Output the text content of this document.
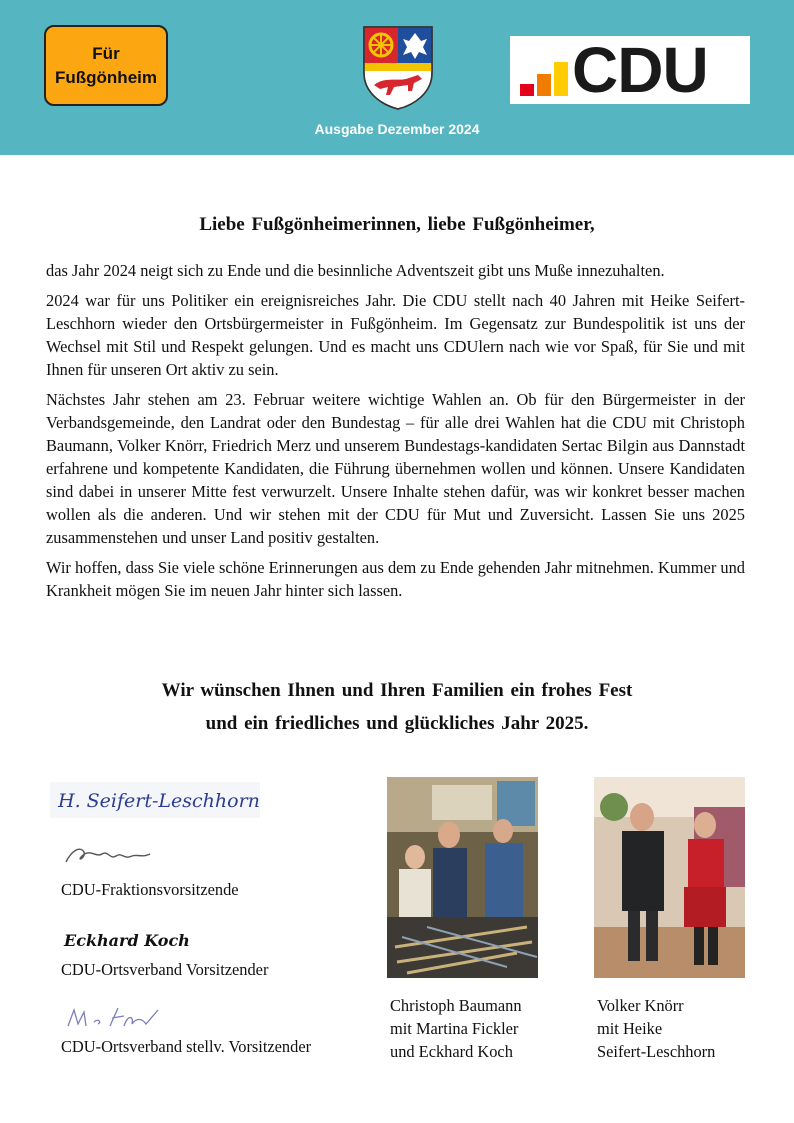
Für
Fußgönheim
Ausgabe Dezember 2024
CDU
Liebe Fußgönheimerinnen, liebe Fußgönheimer,

das Jahr 2024 neigt sich zu Ende und die besinnliche Adventszeit gibt uns Muße innezuhalten.

2024 war für uns Politiker ein ereignisreiches Jahr. Die CDU stellt nach 40 Jahren mit Heike Seifert-Leschhorn wieder den Ortsbürgermeister in Fußgönheim. Im Gegensatz zur Bundespolitik ist uns der Wechsel mit Stil und Respekt gelungen. Und es macht uns CDUlern nach wie vor Spaß, für Sie und mit Ihnen für unseren Ort aktiv zu sein.

Nächstes Jahr stehen am 23. Februar weitere wichtige Wahlen an. Ob für den Bürgermeister in der Verbandsgemeinde, den Landrat oder den Bundestag – für alle drei Wahlen hat die CDU mit Christoph Baumann, Volker Knörr, Friedrich Merz und unserem Bundestags-kandidaten Sertac Bilgin aus Dannstadt erfahrene und kompetente Kandidaten, die Führung übernehmen wollen und können. Unsere Kandidaten sind dabei in unserer Mitte fest verwurzelt. Unsere Inhalte stehen dafür, was wir konkret besser machen wollen als die anderen. Und wir stehen mit der CDU für Mut und Zuversicht. Lassen Sie uns 2025 zusammenstehen und unser Land positiv gestalten.

Wir hoffen, dass Sie viele schöne Erinnerungen aus dem zu Ende gehenden Jahr mitnehmen. Kummer und Krankheit mögen Sie im neuen Jahr hinter sich lassen.

Wir wünschen Ihnen und Ihren Familien ein frohes Fest
und ein friedliches und glückliches Jahr 2025.
H. Seifert-Leschhorn
CDU-Fraktionsvorsitzende
Eckhard Koch
CDU-Ortsverband Vorsitzender
CDU-Ortsverband stellv. Vorsitzender
Christoph Baumann
mit Martina Fickler
und Eckhard Koch
Volker Knörr
mit Heike
Seifert-Leschhorn
